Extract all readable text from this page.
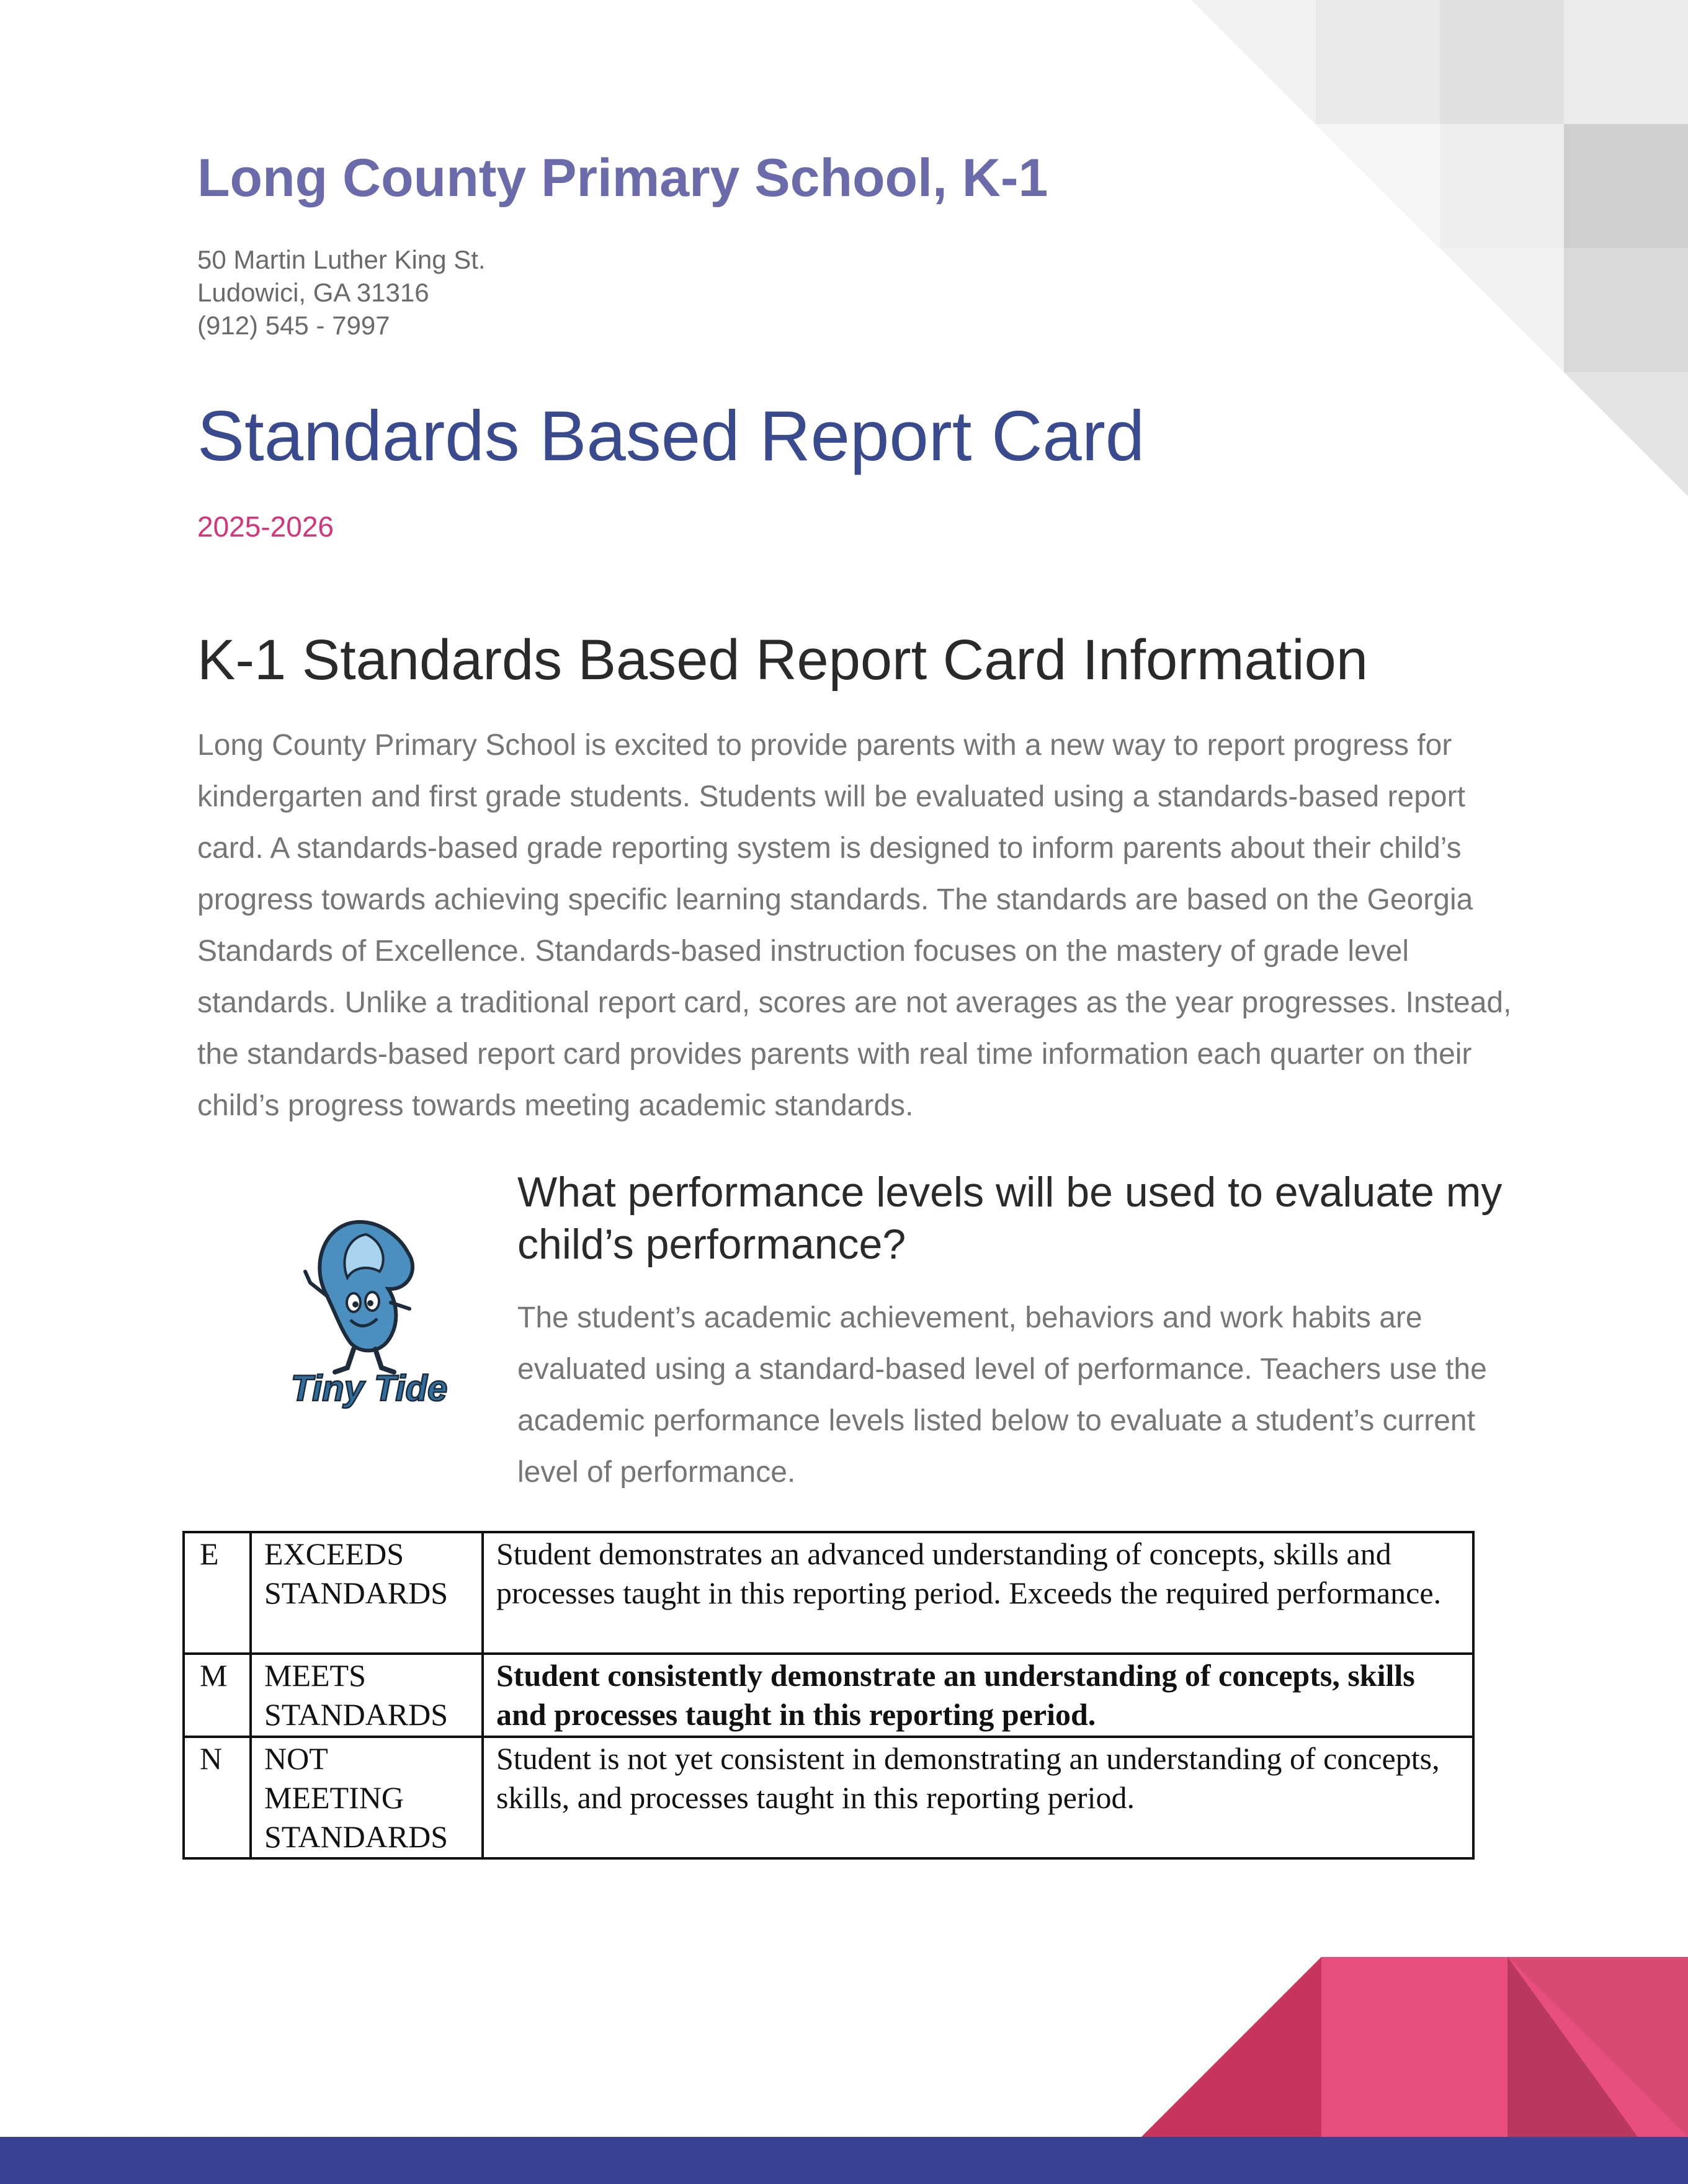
Long County Primary School, K-1
50 Martin Luther King St.
Ludowici, GA 31316
(912) 545 - 7997
Standards Based Report Card
2025-2026
K-1 Standards Based Report Card Information

Long County Primary School is excited to provide parents with a new way to report progress for kindergarten and first grade students. Students will be evaluated using a standards-based report card. A standards-based grade reporting system is designed to inform parents about their child’s progress towards achieving specific learning standards. The standards are based on the Georgia Standards of Excellence. Standards-based instruction focuses on the mastery of grade level standards. Unlike a traditional report card, scores are not averages as the year progresses. Instead, the standards-based report card provides parents with real time information each quarter on their child’s progress towards meeting academic standards.

Tiny Tide
What performance levels will be used to evaluate my child’s performance?

The student’s academic achievement, behaviors and work habits are evaluated using a standard-based level of performance. Teachers use the academic performance levels listed below to evaluate a student’s current level of performance.

E	EXCEEDS STANDARDS	Student demonstrates an advanced understanding of concepts, skills and processes taught in this reporting period. Exceeds the required performance.
M	MEETS STANDARDS	Student consistently demonstrate an understanding of concepts, skills and processes taught in this reporting period.
N	NOT MEETING STANDARDS	Student is not yet consistent in demonstrating an understanding of concepts, skills, and processes taught in this reporting period.
